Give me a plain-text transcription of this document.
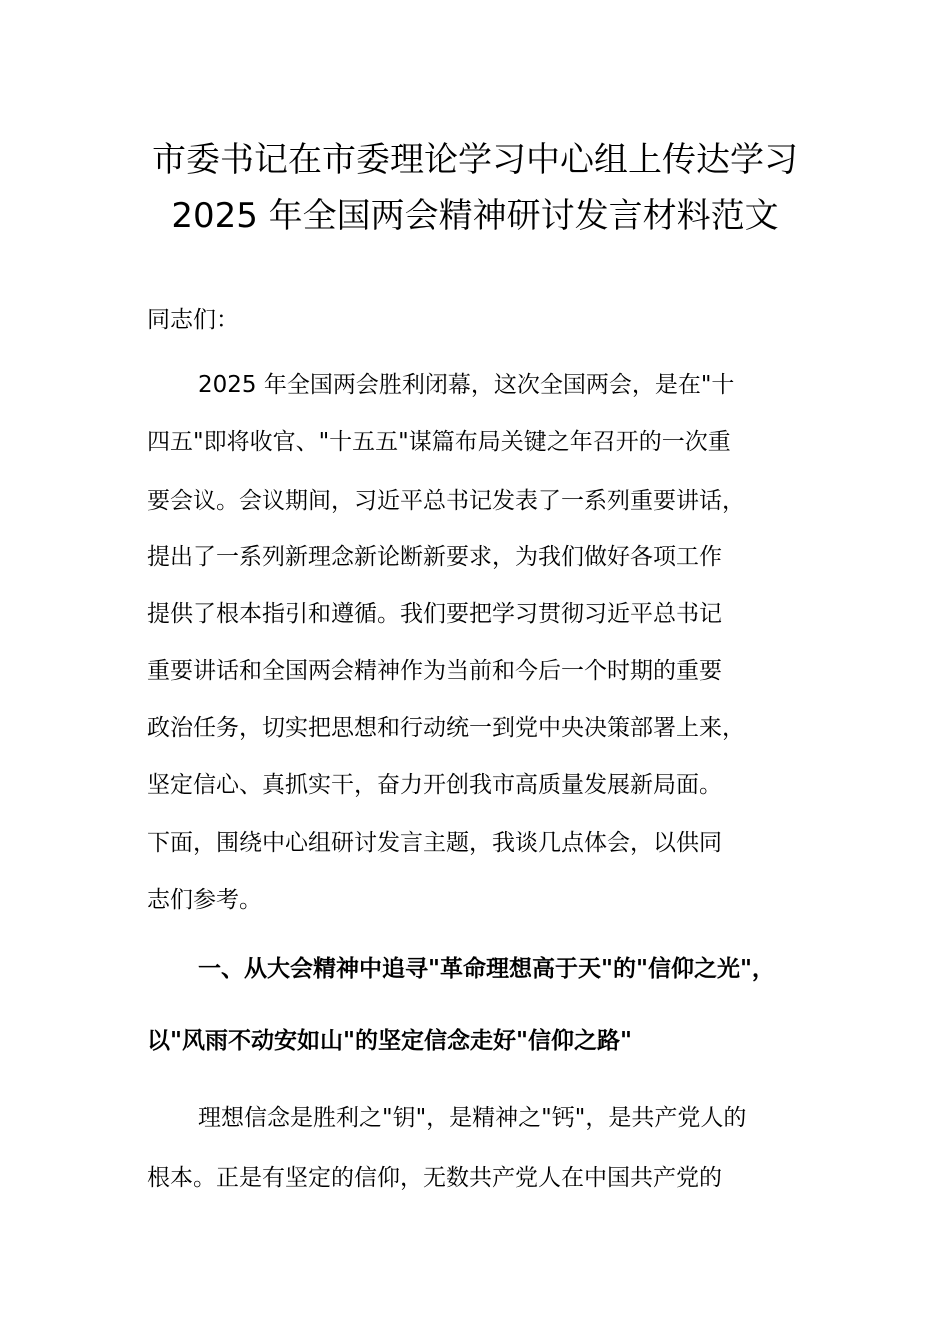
市委书记在市委理论学习中心组上传达学习
2025 年全国两会精神研讨发言材料范文
同志们：
2025 年全国两会胜利闭幕，这次全国两会，是在"十
四五"即将收官、"十五五"谋篇布局关键之年召开的一次重
要会议。会议期间，习近平总书记发表了一系列重要讲话，
提出了一系列新理念新论断新要求，为我们做好各项工作
提供了根本指引和遵循。我们要把学习贯彻习近平总书记
重要讲话和全国两会精神作为当前和今后一个时期的重要
政治任务，切实把思想和行动统一到党中央决策部署上来，
坚定信心、真抓实干，奋力开创我市高质量发展新局面。
下面，围绕中心组研讨发言主题，我谈几点体会，以供同
志们参考。
一、从大会精神中追寻"革命理想高于天"的"信仰之光"，
以"风雨不动安如山"的坚定信念走好"信仰之路"
理想信念是胜利之"钥"，是精神之"钙"，是共产党人的
根本。正是有坚定的信仰，无数共产党人在中国共产党的
